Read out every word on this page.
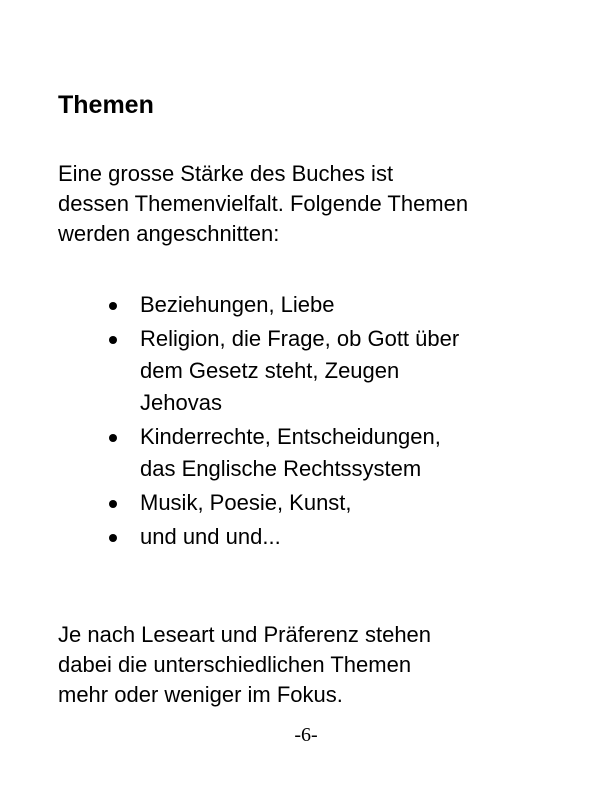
Themen

Eine grosse Stärke des Buches ist
dessen Themenvielfalt. Folgende Themen
werden angeschnitten:

Beziehungen, Liebe
Religion, die Frage, ob Gott über
dem Gesetz steht, Zeugen
Jehovas
Kinderrechte, Entscheidungen,
das Englische Rechtssystem
Musik, Poesie, Kunst,
und und und...

Je nach Leseart und Präferenz stehen
dabei die unterschiedlichen Themen
mehr oder weniger im Fokus.

-6-
